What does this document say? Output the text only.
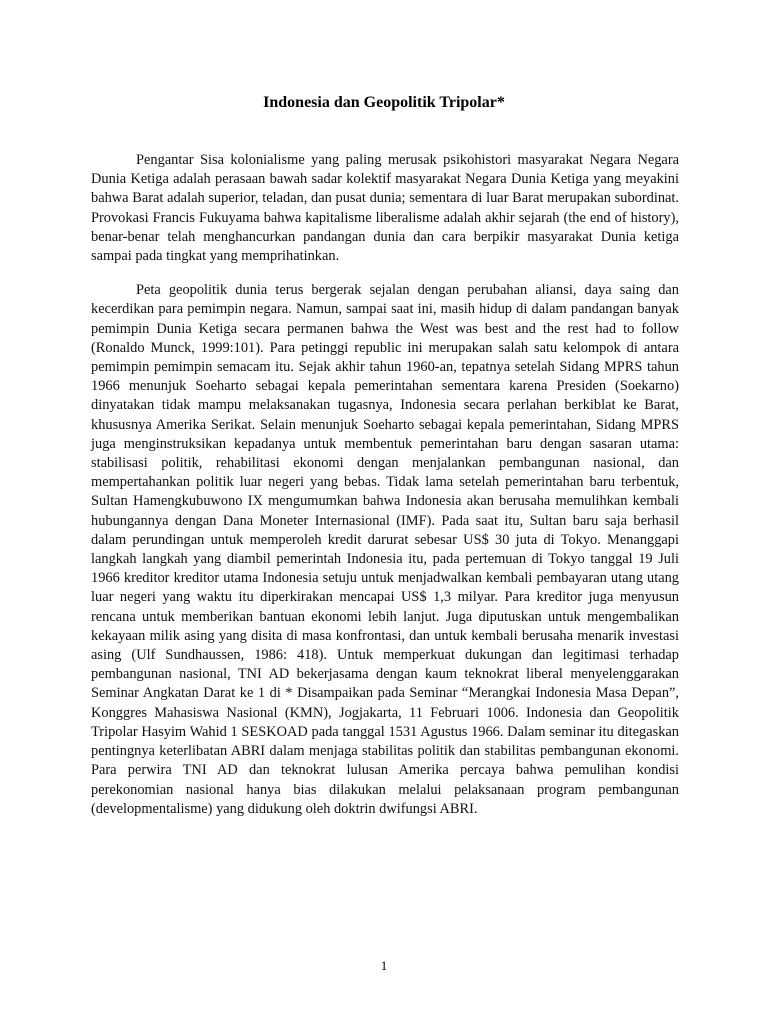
Indonesia dan Geopolitik Tripolar*

Pengantar Sisa kolonialisme yang paling merusak psikohistori masyarakat Negara Negara Dunia Ketiga adalah perasaan bawah sadar kolektif masyarakat Negara Dunia Ketiga yang meyakini bahwa Barat adalah superior, teladan, dan pusat dunia; sementara di luar Barat merupakan subordinat. Provokasi Francis Fukuyama bahwa kapitalisme liberalisme adalah akhir sejarah (the end of history), benar-benar telah menghancurkan pandangan dunia dan cara berpikir masyarakat Dunia ketiga sampai pada tingkat yang memprihatinkan.

Peta geopolitik dunia terus bergerak sejalan dengan perubahan aliansi, daya saing dan kecerdikan para pemimpin negara. Namun, sampai saat ini, masih hidup di dalam pandangan banyak pemimpin Dunia Ketiga secara permanen bahwa the West was best and the rest had to follow (Ronaldo Munck, 1999:101). Para petinggi republic ini merupakan salah satu kelompok di antara pemimpin pemimpin semacam itu. Sejak akhir tahun 1960-an, tepatnya setelah Sidang MPRS tahun 1966 menunjuk Soeharto sebagai kepala pemerintahan sementara karena Presiden (Soekarno) dinyatakan tidak mampu melaksanakan tugasnya, Indonesia secara perlahan berkiblat ke Barat, khususnya Amerika Serikat. Selain menunjuk Soeharto sebagai kepala pemerintahan, Sidang MPRS juga menginstruksikan kepadanya untuk membentuk pemerintahan baru dengan sasaran utama: stabilisasi politik, rehabilitasi ekonomi dengan menjalankan pembangunan nasional, dan mempertahankan politik luar negeri yang bebas. Tidak lama setelah pemerintahan baru terbentuk, Sultan Hamengkubuwono IX mengumumkan bahwa Indonesia akan berusaha memulihkan kembali hubungannya dengan Dana Moneter Internasional (IMF). Pada saat itu, Sultan baru saja berhasil dalam perundingan untuk memperoleh kredit darurat sebesar US$ 30 juta di Tokyo. Menanggapi langkah langkah yang diambil pemerintah Indonesia itu, pada pertemuan di Tokyo tanggal 19 Juli 1966 kreditor kreditor utama Indonesia setuju untuk menjadwalkan kembali pembayaran utang utang luar negeri yang waktu itu diperkirakan mencapai US$ 1,3 milyar. Para kreditor juga menyusun rencana untuk memberikan bantuan ekonomi lebih lanjut. Juga diputuskan untuk mengembalikan kekayaan milik asing yang disita di masa konfrontasi, dan untuk kembali berusaha menarik investasi asing (Ulf Sundhaussen, 1986: 418). Untuk memperkuat dukungan dan legitimasi terhadap pembangunan nasional, TNI AD bekerjasama dengan kaum teknokrat liberal menyelenggarakan Seminar Angkatan Darat ke 1 di * Disampaikan pada Seminar “Merangkai Indonesia Masa Depan”, Konggres Mahasiswa Nasional (KMN), Jogjakarta, 11 Februari 1006. Indonesia dan Geopolitik Tripolar Hasyim Wahid 1 SESKOAD pada tanggal 1531 Agustus 1966. Dalam seminar itu ditegaskan pentingnya keterlibatan ABRI dalam menjaga stabilitas politik dan stabilitas pembangunan ekonomi. Para perwira TNI AD dan teknokrat lulusan Amerika percaya bahwa pemulihan kondisi perekonomian nasional hanya bias dilakukan melalui pelaksanaan program pembangunan (developmentalisme) yang didukung oleh doktrin dwifungsi ABRI.

1
